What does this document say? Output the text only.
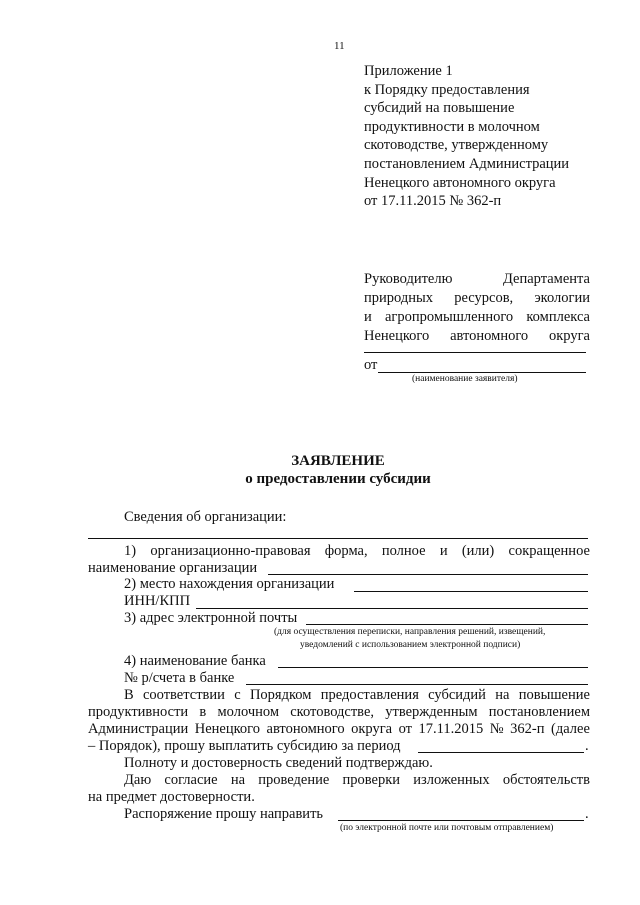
11
Приложение 1
к Порядку предоставления
субсидий на повышение
продуктивности в молочном
скотоводстве, утвержденному
постановлением Администрации
Ненецкого автономного округа
от 17.11.2015 № 362-п
Руководителю	Департамента
природных ресурсов, экологии
и агропромышленного комплекса
Ненецкого автономного округа
от
(наименование заявителя)
ЗАЯВЛЕНИЕ
о предоставлении субсидии
Сведения об организации:
1) организационно-правовая форма, полное и (или) сокращенное
наименование организации
2) место нахождения организации
ИНН/КПП
3) адрес электронной почты
(для осуществления переписки, направления решений, извещений,
уведомлений с использованием электронной подписи)
4) наименование банка
№ р/счета в банке
В соответствии с Порядком предоставления субсидий на повышение
продуктивности в молочном скотоводстве, утвержденным постановлением
Администрации Ненецкого автономного округа от 17.11.2015 № 362-п (далее
– Порядок), прошу выплатить субсидию за период	.
Полноту и достоверность сведений подтверждаю.
Даю согласие на проведение проверки изложенных обстоятельств
на предмет достоверности.
Распоряжение прошу направить	.
(по электронной почте или почтовым отправлением)
